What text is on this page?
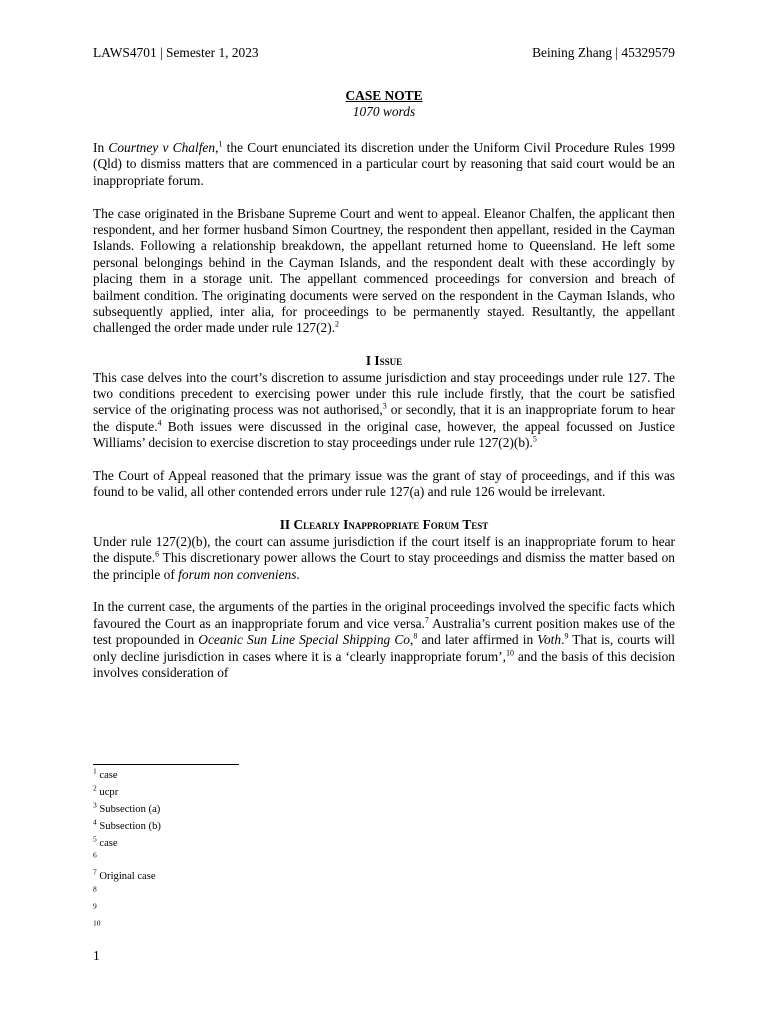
LAWS4701 | Semester 1, 2023	Beining Zhang | 45329579
CASE NOTE
1070 words

In Courtney v Chalfen,$^1$ the Court enunciated its discretion under the Uniform Civil Procedure Rules 1999 (Qld) to dismiss matters that are commenced in a particular court by reasoning that said court would be an inappropriate forum.

The case originated in the Brisbane Supreme Court and went to appeal. Eleanor Chalfen, the applicant then respondent, and her former husband Simon Courtney, the respondent then appellant, resided in the Cayman Islands. Following a relationship breakdown, the appellant returned home to Queensland. He left some personal belongings behind in the Cayman Islands, and the respondent dealt with these accordingly by placing them in a storage unit. The appellant commenced proceedings for conversion and breach of bailment condition. The originating documents were served on the respondent in the Cayman Islands, who subsequently applied, inter alia, for proceedings to be permanently stayed. Resultantly, the appellant challenged the order made under rule 127(2).$^2$

I Issue

This case delves into the court’s discretion to assume jurisdiction and stay proceedings under rule 127. The two conditions precedent to exercising power under this rule include firstly, that the court be satisfied service of the originating process was not authorised,$^3$ or secondly, that it is an inappropriate forum to hear the dispute.$^4$ Both issues were discussed in the original case, however, the appeal focussed on Justice Williams’ decision to exercise discretion to stay proceedings under rule 127(2)(b).$^5$

The Court of Appeal reasoned that the primary issue was the grant of stay of proceedings, and if this was found to be valid, all other contended errors under rule 127(a) and rule 126 would be irrelevant.

II Clearly Inappropriate Forum Test

Under rule 127(2)(b), the court can assume jurisdiction if the court itself is an inappropriate forum to hear the dispute.$^6$ This discretionary power allows the Court to stay proceedings and dismiss the matter based on the principle of forum non conveniens.

In the current case, the arguments of the parties in the original proceedings involved the specific facts which favoured the Court as an inappropriate forum and vice versa.$^7$ Australia’s current position makes use of the test propounded in Oceanic Sun Line Special Shipping Co,$^8$ and later affirmed in Voth.$^9$ That is, courts will only decline jurisdiction in cases where it is a ‘clearly inappropriate forum’,$^{10}$ and the basis of this decision involves consideration of

$^1$ case
$^2$ ucpr
$^3$ Subsection (a)
$^4$ Subsection (b)
$^5$ case
$^6$
$^7$ Original case
$^8$
$^9$
$^{10}$
1
